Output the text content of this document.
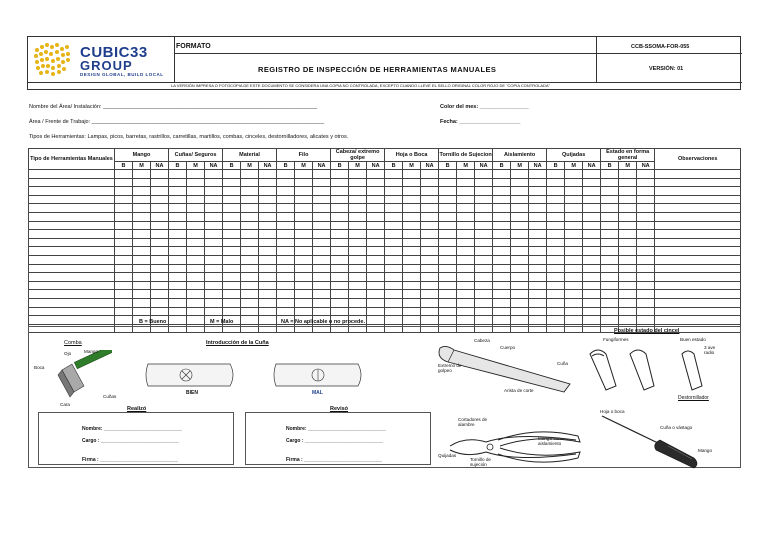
CUBIC33
GROUP
DESIGN GLOBAL, BUILD LOCAL
FORMATO	CCB-SSOMA-FOR-055
REGISTRO DE INSPECCIÓN DE HERRAMIENTAS MANUALES	VERSIÓN: 01
LA VERSIÓN IMPRESA O FOTOCOPIA DE ESTE DOCUMENTO SE CONSIDERA UNA COPIA NO CONTROLADA, EXCEPTO CUANDO LLEVE EL SELLO ORIGINAL COLOR ROJO DE "COPIA CONTROLADA"
Nombre del Área/ Instalación: ______________________________________________________________________	Color del mes: ________________
Área / Frente de Trabajo: ____________________________________________________________________________	Fecha: ____________________
Tipos de Herramientas: Lampas, picos, barretas, rastrillos, carretillas, martillos, combas, cinceles, destornilladores, alicates y otros.
Tipo de Herramientas Manuales	Mango			Cuñas/ Seguros			Material			Filo			Cabeza/ extremo golpe			Hoja o Boca			Tornillo de Sujecion			Aislamiento			Quijadas			Estado en forma general			Observaciones
	B	M	NA	B	M	NA	B	M	NA	B	M	NA	B	M	NA	B	M	NA	B	M	NA	B	M	NA	B	M	NA	B	M	NA	

B = Bueno	M = Malo	NA = No aplicable o no procede.
Comba
Ojo	Mango
Boca
Cuñas
Cara
Introducción de la Cuña
BIEN	MAL
Cabeza
Cuerpo
Cuña
Extremo de golpeo
Arista de corte
Posible estado del cincel
Fungiformes	Buen estado
3 ave radio
Cortadores de alambre
Mango con aislamiento
Quijadas
Tornillo de sujeción
Destornillador
Hoja o boca
Cuña o vástago
Mango
Realizó
Nombre: ____________________________
Cargo : ____________________________
Firma : ____________________________
Revisó
Nombre: ____________________________
Cargo : ____________________________
Firma : ____________________________
